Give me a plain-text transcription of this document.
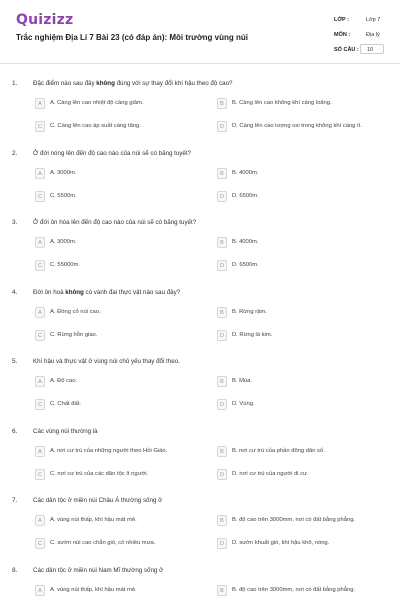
Quizizz
Trắc nghiệm Địa Lí 7 Bài 23 (có đáp án): Môi trường vùng núi
LỚP :	Lớp 7
MÔN :	Địa lý
SỐ CÂU : 10
1.	Đặc điểm nào sau đây không đúng với sự thay đổi khí hậu theo độ cao?
A	A. Càng lên cao nhiệt độ càng giảm.	B	B. Càng lên cao không khí càng loãng.
C	C. Càng lên cao áp suất càng tăng.	D	D. Càng lên cao lượng oxi trong không khí càng ít.
2.	Ở đới nóng lên đến độ cao nào của núi sẽ có băng tuyết?
A	A. 3000m.	B	B. 4000m.
C	C. 5500m.	D	D. 6500m.
3.	Ở đới ôn hòa lên đến độ cao nào của núi sẽ có băng tuyết?
A	A. 3000m.	B	B. 4000m.
C	C. 55000m.	D	D. 6500m.
4.	Đới ôn hoà không có vành đai thực vật nào sau đây?
A	A. Đồng cỏ núi cao.	B	B. Rừng rậm.
C	C. Rừng hỗn giao.	D	D. Rừng lá kim.
5.	Khí hậu và thực vật ở vùng núi chủ yếu thay đổi theo.
A	A. Độ cao.	B	B. Mùa.
C	C. Chất đất.	D	D. Vùng.
6.	Các vùng núi thường là
A	A. nơi cư trú của những người theo Hồi Giáo.	B	B. nơi cư trú của phần đông dân số.
C	C. nơi cư trú của các dân tộc ít người.	D	D. nơi cư trú của người di cư.
7.	Các dân tộc ở miền núi Châu Á thường sống ở
A	A. vùng núi thấp, khí hậu mát mẻ.	B	B. độ cao trên 3000mm, nơi có đất bằng phẳng.
C	C. sườn núi cao chắn gió, có nhiều mưa.	D	D. sườn khuất gió, khí hậu khô, nóng.
8.	Các dân tộc ở miền núi Nam Mĩ thường sống ở
A	A. vùng núi thấp, khí hậu mát mẻ.	B	B. độ cao trên 3000mm, nơi có đất bằng phẳng.
